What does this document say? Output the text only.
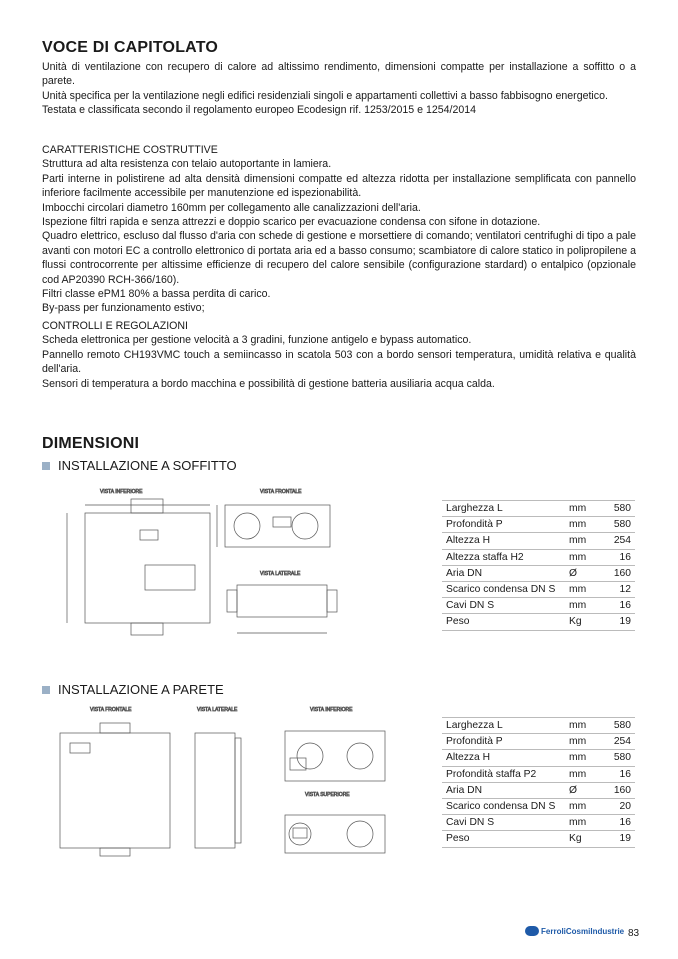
VOCE DI CAPITOLATO

Unità di ventilazione con recupero di calore ad altissimo rendimento, dimensioni compatte per installazione a soffitto o a parete.

Unità specifica per la ventilazione negli edifici residenziali singoli e appartamenti collettivi a basso fabbisogno energetico.

Testata e classificata secondo il regolamento europeo Ecodesign rif. 1253/2015 e 1254/2014

CARATTERISTICHE COSTRUTTIVE

Struttura ad alta resistenza con telaio autoportante in lamiera.

Parti interne in polistirene ad alta densità dimensioni compatte ed altezza ridotta per installazione semplificata con pannello inferiore facilmente accessibile per manutenzione ed ispezionabilità.

Imbocchi circolari diametro 160mm per collegamento alle canalizzazioni dell'aria.

Ispezione filtri rapida e senza attrezzi e doppio scarico per evacuazione condensa con sifone in dotazione.

Quadro elettrico, escluso dal flusso d'aria con schede di gestione e morsettiere di comando; ventilatori centrifughi di tipo a pale avanti con motori EC a controllo elettronico di portata aria ed a basso consumo; scambiatore di calore statico in polipropilene a flussi controcorrente per altissime efficienze di recupero del calore sensibile (configurazione stardard) o entalpico (opzionale cod AP20390 RCH-366/160).

Filtri classe ePM1 80% a bassa perdita di carico.

By-pass per funzionamento estivo;

CONTROLLI E REGOLAZIONI

Scheda elettronica per gestione velocità a 3 gradini, funzione antigelo e bypass automatico.

Pannello remoto CH193VMC touch a semiincasso in scatola 503 con a bordo sensori temperatura, umidità relativa e qualità dell'aria.

Sensori di temperatura a bordo macchina e possibilità di gestione batteria ausiliaria acqua calda.

DIMENSIONI
INSTALLAZIONE A SOFFITTO
VISTA INFERIORE	VISTA FRONTALE
VISTA LATERALE
Larghezza L	mm	580
Profondità P	mm	580
Altezza H	mm	254
Altezza staffa H2	mm	16
Aria DN	Ø	160
Scarico condensa DN S	mm	12
Cavi DN S	mm	16
Peso	Kg	19
INSTALLAZIONE A PARETE
VISTA FRONTALE	VISTA LATERALE	VISTA INFERIORE
VISTA SUPERIORE
Larghezza L	mm	580
Profondità P	mm	254
Altezza H	mm	580
Profondità staffa P2	mm	16
Aria DN	Ø	160
Scarico condensa DN S	mm	20
Cavi DN S	mm	16
Peso	Kg	19
FerroliCosmiIndustrie 83
